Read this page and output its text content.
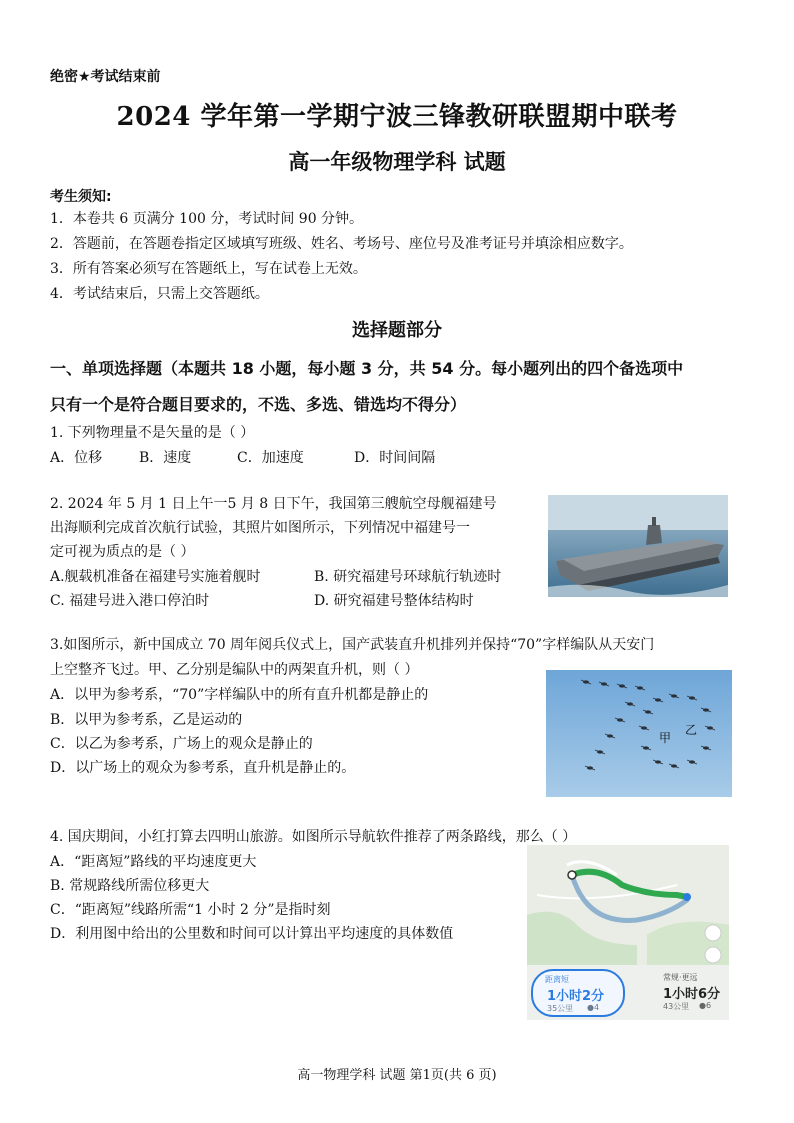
绝密★考试结束前
2024 学年第一学期宁波三锋教研联盟期中联考
高一年级物理学科 试题
考生须知:
1．本卷共 6 页满分 100 分，考试时间 90 分钟。
2．答题前，在答题卷指定区域填写班级、姓名、考场号、座位号及准考证号并填涂相应数字。
3．所有答案必须写在答题纸上，写在试卷上无效。
4．考试结束后，只需上交答题纸。
选择题部分
一、单项选择题（本题共 18 小题，每小题 3 分，共 54 分。每小题列出的四个备选项中
只有一个是符合题目要求的，不选、多选、错选均不得分）
1. 下列物理量不是矢量的是（ ）
A．位移	B．速度	C．加速度	D．时间间隔
2. 2024 年 5 月 1 日上午一5 月 8 日下午，我国第三艘航空母舰福建号
出海顺利完成首次航行试验，其照片如图所示，下列情况中福建号一
定可视为质点的是（ ）
A.舰载机准备在福建号实施着舰时	B. 研究福建号环球航行轨迹时
C. 福建号进入港口停泊时	D. 研究福建号整体结构时
3.如图所示，新中国成立 70 周年阅兵仪式上，国产武装直升机排列并保持“70”字样编队从天安门
上空整齐飞过。甲、乙分别是编队中的两架直升机，则（ ）
A．以甲为参考系，“70”字样编队中的所有直升机都是静止的
B．以甲为参考系，乙是运动的
C．以乙为参考系，广场上的观众是静止的
D．以广场上的观众为参考系，直升机是静止的。
甲
乙
4. 国庆期间，小红打算去四明山旅游。如图所示导航软件推荐了两条路线，那么（ ）
A．“距离短”路线的平均速度更大
B. 常规路线所需位移更大
C．“距离短”线路所需“1 小时 2 分”是指时刻
D．利用图中给出的公里数和时间可以计算出平均速度的具体数值
距离短
1小时2分
35公里 ●4
常规·更远
1小时6分
43公里 ●6
高一物理学科 试题 第1页(共 6 页)
